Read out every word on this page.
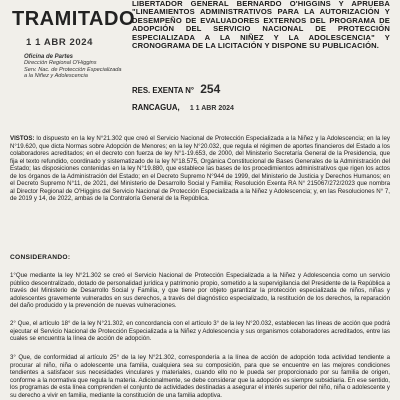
TRAMITADO
1 1 ABR 2024
Oficina de Partes
Dirección Regional O'Higgins
Serv. Nac. de Protección Especializada
a la Niñez y Adolescencia
LIBERTADOR GENERAL BERNARDO O'HIGGINS Y APRUEBA "LINEAMIENTOS ADMINISTRATIVOS PARA LA AUTORIZACIÓN Y DESEMPEÑO DE EVALUADORES EXTERNOS DEL PROGRAMA DE ADOPCIÓN DEL SERVICIO NACIONAL DE PROTECCIÓN ESPECIALIZADA A LA NIÑEZ Y LA ADOLESCENCIA" Y CRONOGRAMA DE LA LICITACIÓN Y DISPONE SU PUBLICACIÓN.
RES. EXENTA N° 254
RANCAGUA, 1 1 ABR 2024

VISTOS: lo dispuesto en la ley N°21.302 que creó el Servicio Nacional de Protección Especializada a la Niñez y la Adolescencia; en la ley N°19.620, que dicta Normas sobre Adopción de Menores; en la ley N°20.032, que regula el régimen de aportes financieros del Estado a los colaboradores acreditados; en el decreto con fuerza de ley N°1-19.653, de 2000, del Ministerio Secretaría General de la Presidencia, que fija el texto refundido, coordinado y sistematizado de la ley N°18.575, Orgánica Constitucional de Bases Generales de la Administración del Estado; las disposiciones contenidas en la ley N°19.880, que establece las bases de los procedimientos administrativos que rigen los actos de los órganos de la Administración del Estado; en el Decreto Supremo N°944 de 1999, del Ministerio de Justicia y Derechos Humanos; en el Decreto Supremo N°11, de 2021, del Ministerio de Desarrollo Social y Familia; Resolución Exenta RA N° 215067/272/2023 que nombra al Director Regional de O'Higgins del Servicio Nacional de Protección Especializada a la Niñez y Adolescencia; y, en las Resoluciones N° 7, de 2019 y 14, de 2022, ambas de la Contraloría General de la República.

CONSIDERANDO:

1°Que mediante la ley N°21.302 se creó el Servicio Nacional de Protección Especializada a la Niñez y Adolescencia como un servicio público descentralizado, dotado de personalidad jurídica y patrimonio propio, sometido a la supervigilancia del Presidente de la República a través del Ministerio de Desarrollo Social y Familia, y que tiene por objeto garantizar la protección especializada de niños, niñas y adolescentes gravemente vulnerados en sus derechos, a través del diagnóstico especializado, la restitución de los derechos, la reparación del daño producido y la prevención de nuevas vulneraciones.

2° Que, el artículo 18° de la ley N°21.302, en concordancia con el artículo 3° de la ley N°20.032, establecen las líneas de acción que podrá ejecutar el Servicio Nacional de Protección Especializada a la Niñez y Adolescencia y sus organismos colaboradores acreditados, entre las cuales se encuentra la línea de acción de adopción.

3° Que, de conformidad al artículo 25° de la ley N°21.302, correspondería a la línea de acción de adopción toda actividad tendiente a procurar al niño, niña o adolescente una familia, cualquiera sea su composición, para que se encuentre en las mejores condiciones tendientes a satisfacer sus necesidades vinculares y materiales, cuando ello no le pueda ser proporcionado por su familia de origen, conforme a la normativa que regula la materia. Adicionalmente, se debe considerar que la adopción es siempre subsidiaria. En ese sentido, los programas de esta línea comprenden el conjunto de actividades destinadas a asegurar el interés superior del niño, niña o adolescente y su derecho a vivir en familia, mediante la constitución de una familia adoptiva.
